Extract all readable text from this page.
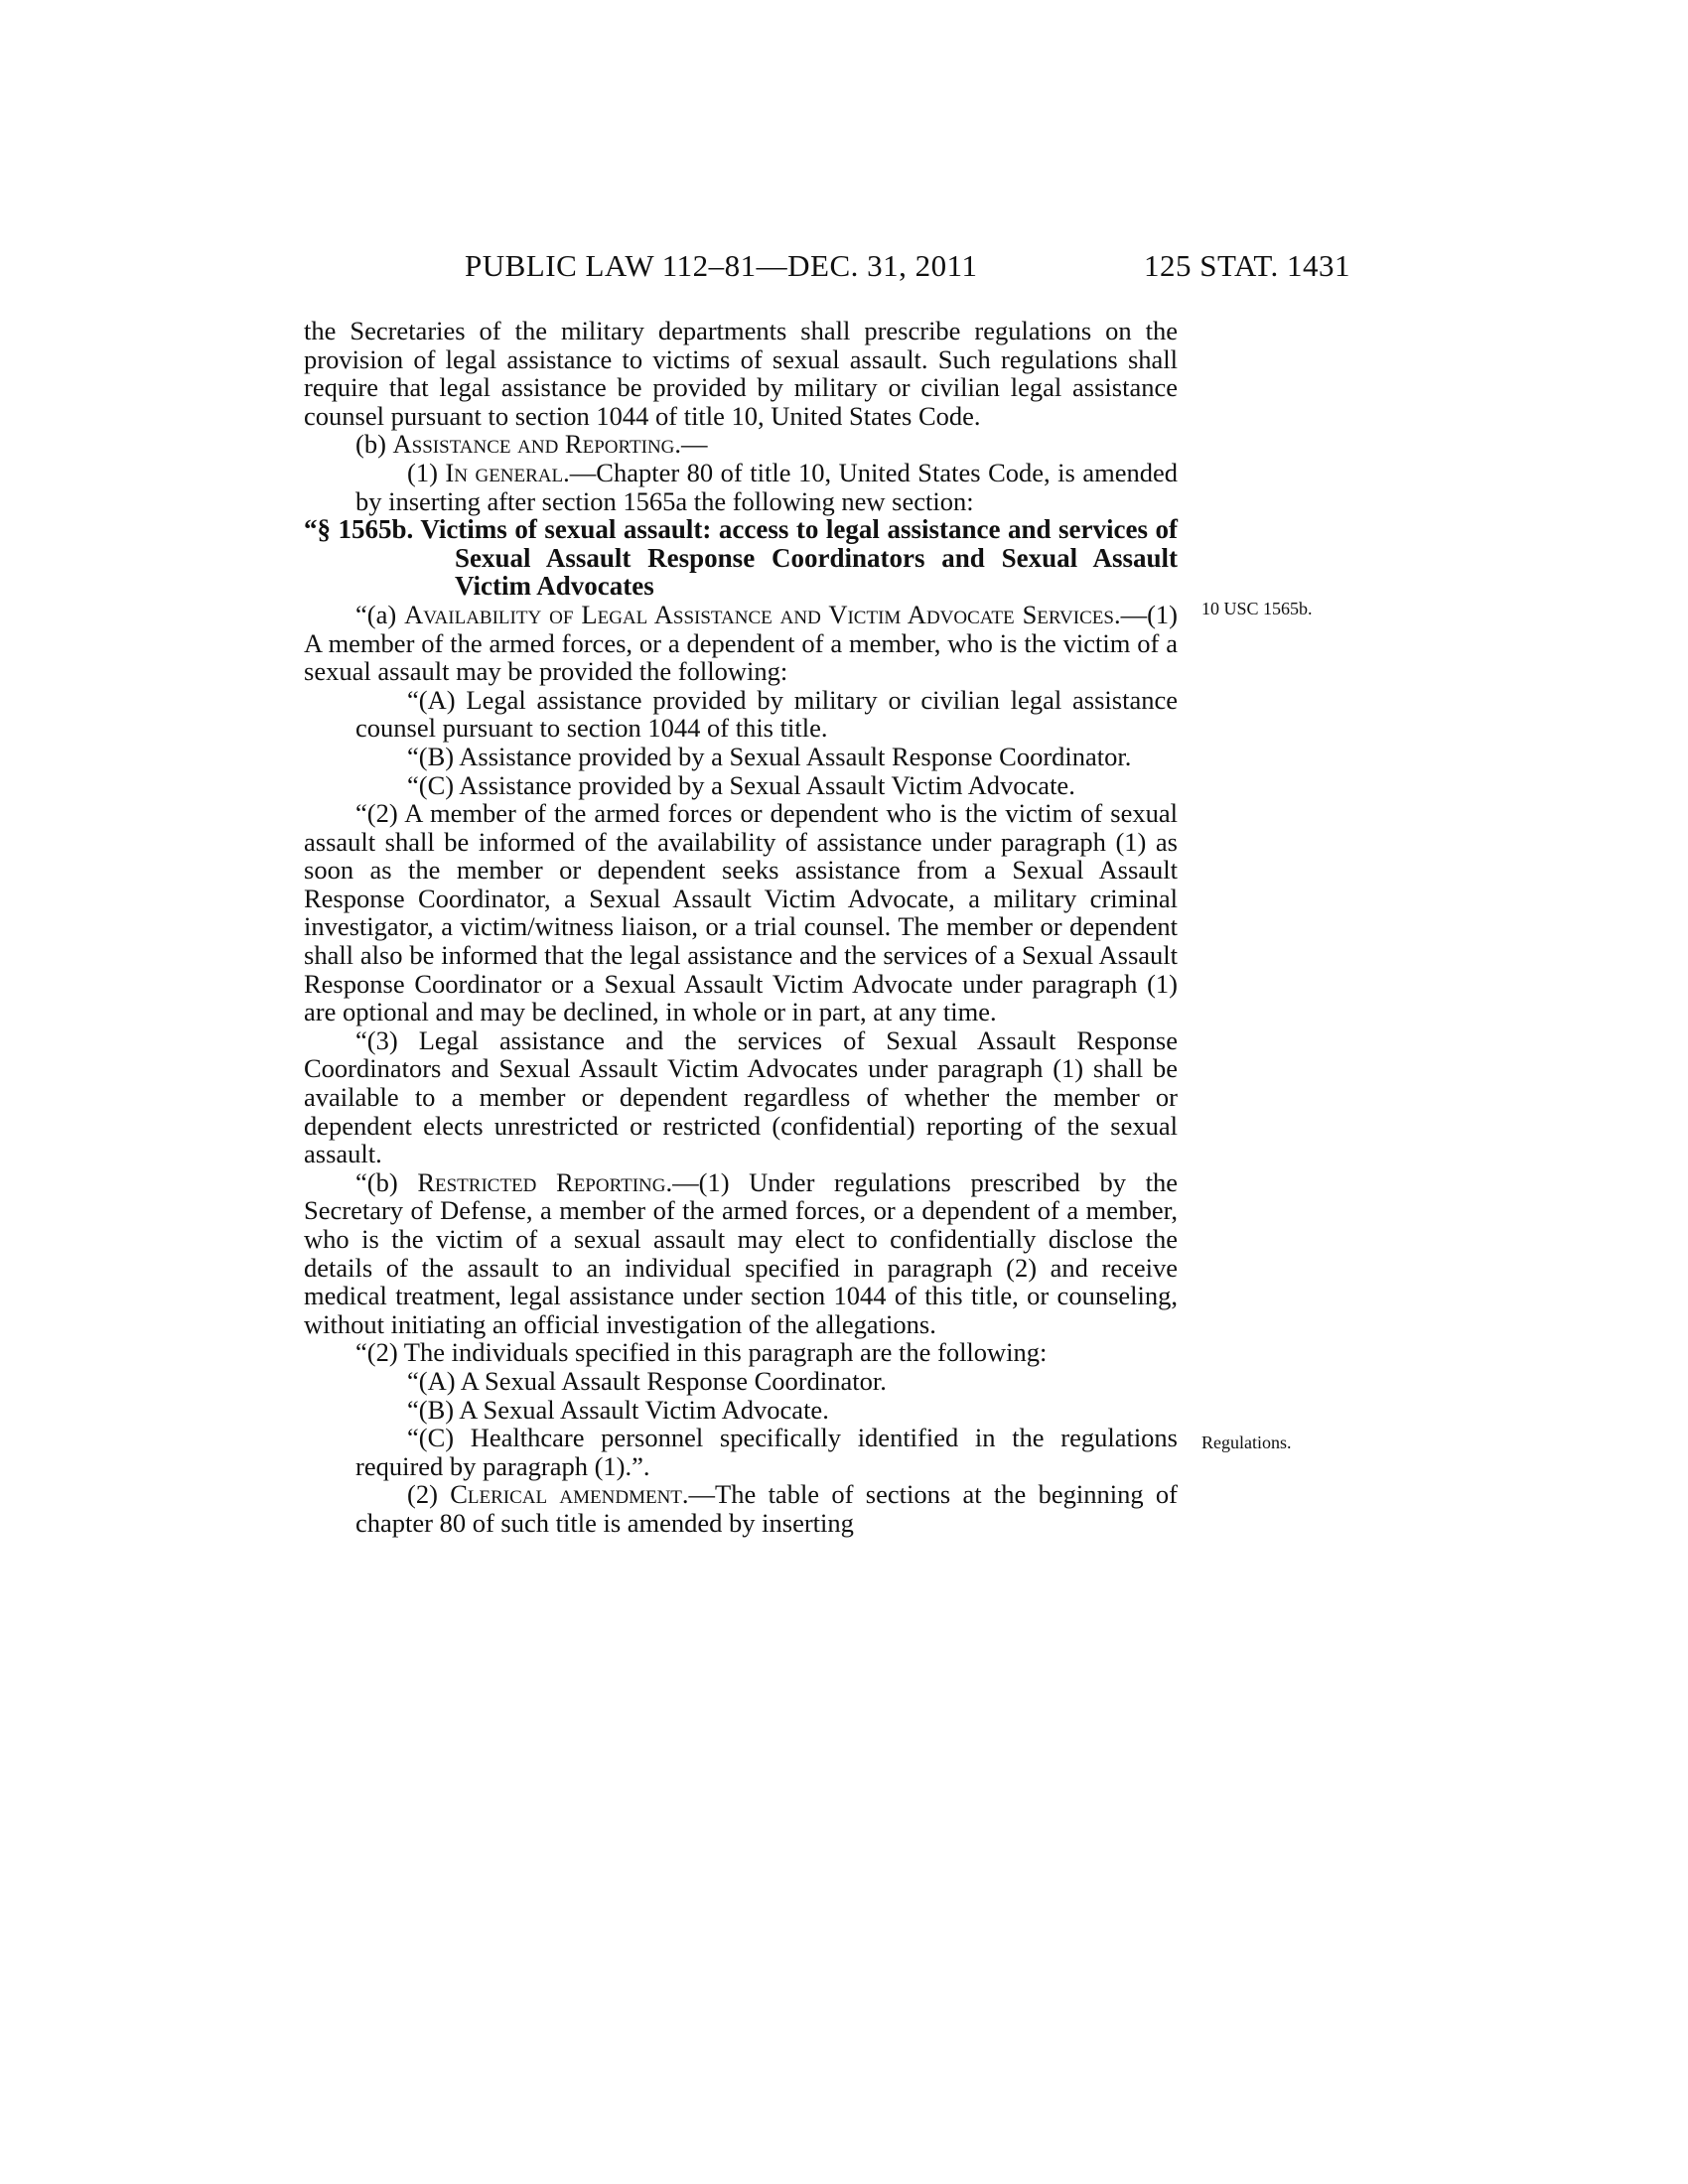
PUBLIC LAW 112–81—DEC. 31, 2011	125 STAT. 1431
10 USC 1565b.
Regulations.

the Secretaries of the military departments shall prescribe regulations on the provision of legal assistance to victims of sexual assault. Such regulations shall require that legal assistance be provided by military or civilian legal assistance counsel pursuant to section 1044 of title 10, United States Code.

(b) Assistance and Reporting.—

(1) In general.—Chapter 80 of title 10, United States Code, is amended by inserting after section 1565a the following new section:

“§ 1565b. Victims of sexual assault: access to legal assistance and services of Sexual Assault Response Coordinators and Sexual Assault Victim Advocates

“(a) Availability of Legal Assistance and Victim Advocate Services.—(1) A member of the armed forces, or a dependent of a member, who is the victim of a sexual assault may be provided the following:

“(A) Legal assistance provided by military or civilian legal assistance counsel pursuant to section 1044 of this title.

“(B) Assistance provided by a Sexual Assault Response Coordinator.

“(C) Assistance provided by a Sexual Assault Victim Advocate.

“(2) A member of the armed forces or dependent who is the victim of sexual assault shall be informed of the availability of assistance under paragraph (1) as soon as the member or dependent seeks assistance from a Sexual Assault Response Coordinator, a Sexual Assault Victim Advocate, a military criminal investigator, a victim/witness liaison, or a trial counsel. The member or dependent shall also be informed that the legal assistance and the services of a Sexual Assault Response Coordinator or a Sexual Assault Victim Advocate under paragraph (1) are optional and may be declined, in whole or in part, at any time.

“(3) Legal assistance and the services of Sexual Assault Response Coordinators and Sexual Assault Victim Advocates under paragraph (1) shall be available to a member or dependent regardless of whether the member or dependent elects unrestricted or restricted (confidential) reporting of the sexual assault.

“(b) Restricted Reporting.—(1) Under regulations prescribed by the Secretary of Defense, a member of the armed forces, or a dependent of a member, who is the victim of a sexual assault may elect to confidentially disclose the details of the assault to an individual specified in paragraph (2) and receive medical treatment, legal assistance under section 1044 of this title, or counseling, without initiating an official investigation of the allegations.

“(2) The individuals specified in this paragraph are the following:

“(A) A Sexual Assault Response Coordinator.

“(B) A Sexual Assault Victim Advocate.

“(C) Healthcare personnel specifically identified in the regulations required by paragraph (1).”.

(2) Clerical amendment.—The table of sections at the beginning of chapter 80 of such title is amended by inserting
